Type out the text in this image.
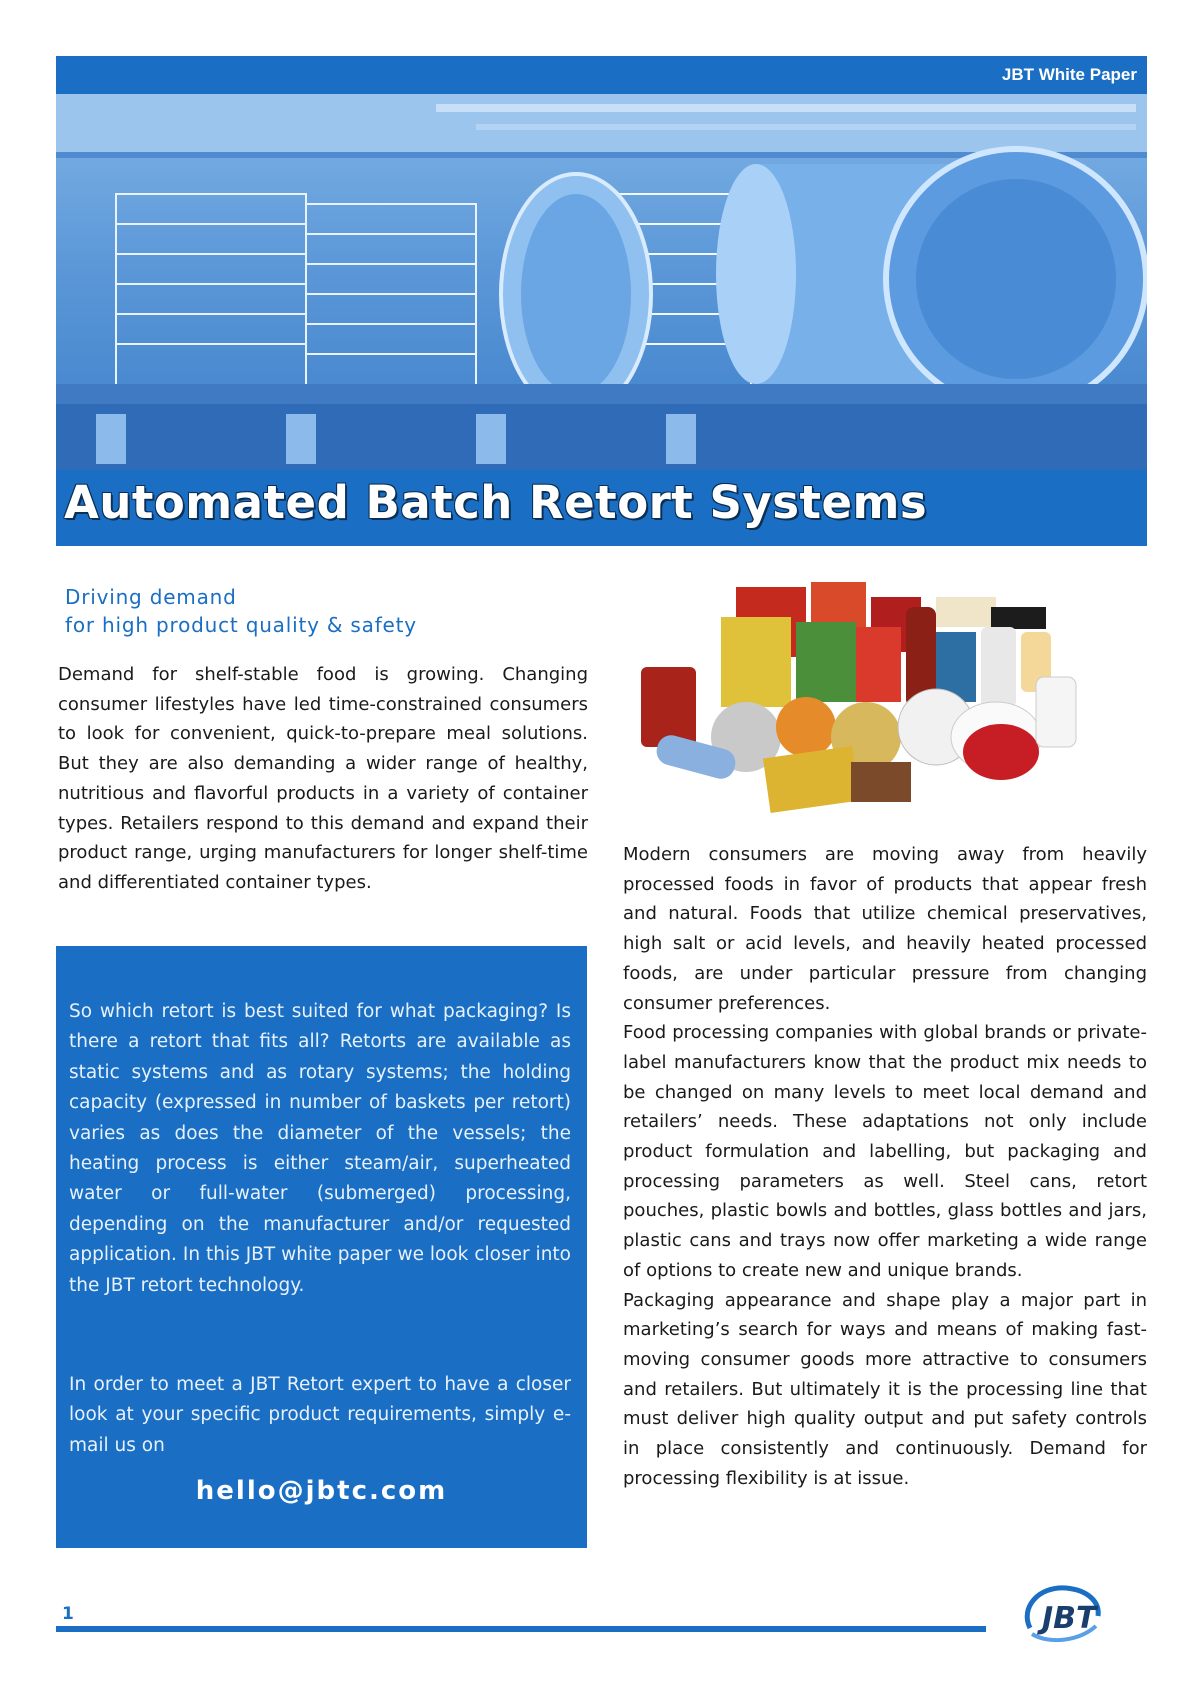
JBT White Paper
Automated Batch Retort Systems
Driving demand
for high product quality & safety

Demand for shelf-stable food is growing. Changing consumer lifestyles have led time-constrained consumers to look for convenient, quick-to-prepare meal solutions. But they are also demanding a wider range of healthy, nutritious and flavorful products in a variety of container types. Retailers respond to this demand and expand their product range, urging manufacturers for longer shelf-time and differentiated container types.

So which retort is best suited for what packaging? Is there a retort that fits all? Retorts are available as static systems and as rotary systems; the holding capacity (expressed in number of baskets per retort) varies as does the diameter of the vessels; the heating process is either steam/air, superheated water or full-water (submerged) processing, depending on the manufacturer and/or requested application. In this JBT white paper we look closer into the JBT retort technology.

In order to meet a JBT Retort expert to have a closer look at your specific product requirements, simply e-mail us on

hello@jbtc.com

Modern consumers are moving away from heavily processed foods in favor of products that appear fresh and natural. Foods that utilize chemical preservatives, high salt or acid levels, and heavily heated processed foods, are under particular pressure from changing consumer preferences.

Food processing companies with global brands or private-label manufacturers know that the product mix needs to be changed on many levels to meet local demand and retailers’ needs. These adaptations not only include product formulation and labelling, but packaging and processing parameters as well. Steel cans, retort pouches, plastic bowls and bottles, glass bottles and jars, plastic cans and trays now offer marketing a wide range of options to create new and unique brands.

Packaging appearance and shape play a major part in marketing’s search for ways and means of making fast-moving consumer goods more attractive to consumers and retailers. But ultimately it is the processing line that must deliver high quality output and put safety controls in place consistently and continuously. Demand for processing flexibility is at issue.

1	JBT
